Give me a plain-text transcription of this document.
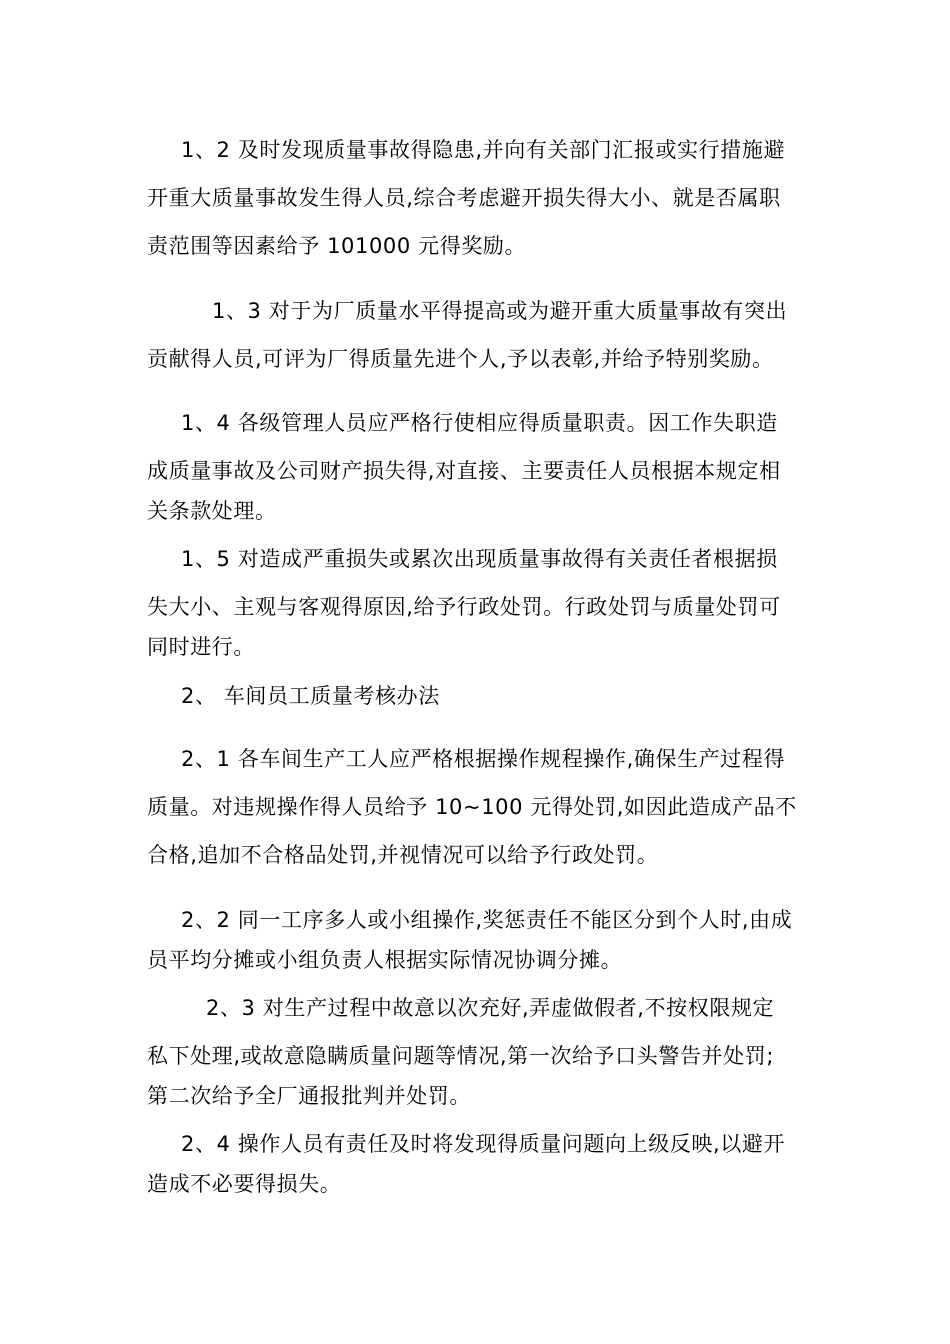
1、2 及时发现质量事故得隐患,并向有关部门汇报或实行措施避
开重大质量事故发生得人员,综合考虑避开损失得大小、就是否属职
责范围等因素给予 101000 元得奖励。
1、3 对于为厂质量水平得提高或为避开重大质量事故有突出
贡献得人员,可评为厂得质量先进个人,予以表彰,并给予特别奖励。
1、4 各级管理人员应严格行使相应得质量职责。因工作失职造
成质量事故及公司财产损失得,对直接、主要责任人员根据本规定相
关条款处理。
1、5 对造成严重损失或累次出现质量事故得有关责任者根据损
失大小、主观与客观得原因,给予行政处罚。行政处罚与质量处罚可
同时进行。
2、 车间员工质量考核办法
2、1 各车间生产工人应严格根据操作规程操作,确保生产过程得
质量。对违规操作得人员给予 10~100 元得处罚,如因此造成产品不
合格,追加不合格品处罚,并视情况可以给予行政处罚。
2、2 同一工序多人或小组操作,奖惩责任不能区分到个人时,由成
员平均分摊或小组负责人根据实际情况协调分摊。
2、3 对生产过程中故意以次充好,弄虚做假者,不按权限规定
私下处理,或故意隐瞒质量问题等情况,第一次给予口头警告并处罚;
第二次给予全厂通报批判并处罚。
2、4 操作人员有责任及时将发现得质量问题向上级反映,以避开
造成不必要得损失。
